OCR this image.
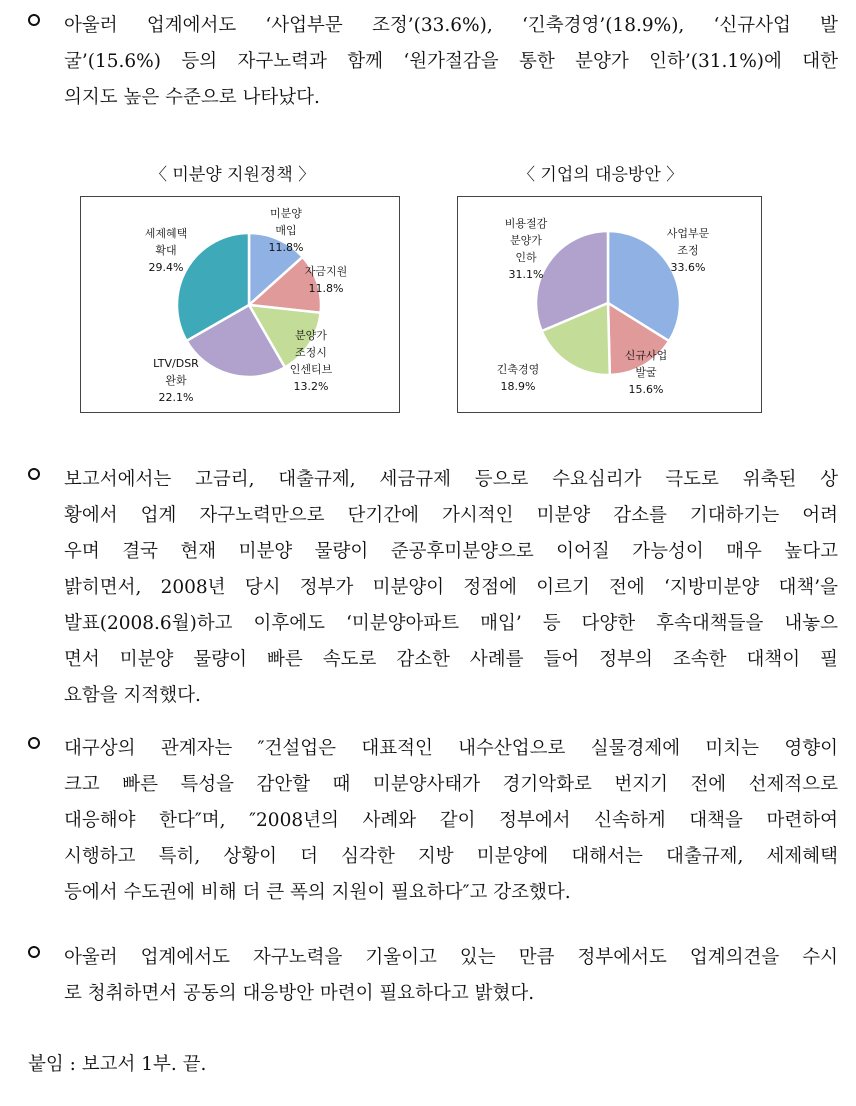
아울러 업계에서도 ‘사업부문 조정’(33.6%), ‘긴축경영’(18.9%), ‘신규사업 발
굴’(15.6%) 등의 자구노력과 함께 ‘원가절감을 통한 분양가 인하’(31.1%)에 대한
의지도 높은 수준으로 나타났다.
〈 미분양 지원정책 〉
미분양 매입 11.8%
자금지원 11.8%
분양가 조정시 인센티브 13.2%
LTV/DSR 완화 22.1%
세제혜택 확대 29.4%
〈 기업의 대응방안 〉
사업부문 조정 33.6%
신규사업 발굴 15.6%
긴축경영 18.9%
비용절감 분양가 인하 31.1%
보고서에서는 고금리, 대출규제, 세금규제 등으로 수요심리가 극도로 위축된 상
황에서 업계 자구노력만으로 단기간에 가시적인 미분양 감소를 기대하기는 어려
우며 결국 현재 미분양 물량이 준공후미분양으로 이어질 가능성이 매우 높다고
밝히면서, 2008년 당시 정부가 미분양이 정점에 이르기 전에 ‘지방미분양 대책’을
발표(2008.6월)하고 이후에도 ‘미분양아파트 매입’ 등 다양한 후속대책들을 내놓으
면서 미분양 물량이 빠른 속도로 감소한 사례를 들어 정부의 조속한 대책이 필
요함을 지적했다.
대구상의 관계자는 ″건설업은 대표적인 내수산업으로 실물경제에 미치는 영향이
크고 빠른 특성을 감안할 때 미분양사태가 경기악화로 번지기 전에 선제적으로
대응해야 한다″며, ″2008년의 사례와 같이 정부에서 신속하게 대책을 마련하여
시행하고 특히, 상황이 더 심각한 지방 미분양에 대해서는 대출규제, 세제혜택
등에서 수도권에 비해 더 큰 폭의 지원이 필요하다″고 강조했다.
아울러 업계에서도 자구노력을 기울이고 있는 만큼 정부에서도 업계의견을 수시
로 청취하면서 공동의 대응방안 마련이 필요하다고 밝혔다.
붙임 : 보고서 1부. 끝.
